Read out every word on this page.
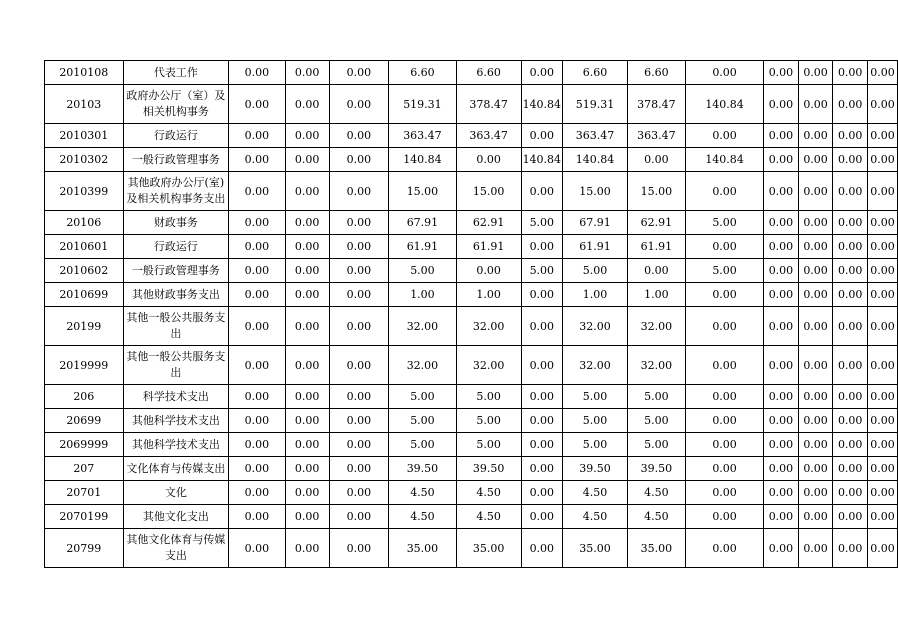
2010108	代表工作	0.00	0.00	0.00	6.60	6.60	0.00	6.60	6.60	0.00	0.00	0.00	0.00	0.00
20103	政府办公厅（室）及相关机构事务	0.00	0.00	0.00	519.31	378.47	140.84	519.31	378.47	140.84	0.00	0.00	0.00	0.00
2010301	行政运行	0.00	0.00	0.00	363.47	363.47	0.00	363.47	363.47	0.00	0.00	0.00	0.00	0.00
2010302	一般行政管理事务	0.00	0.00	0.00	140.84	0.00	140.84	140.84	0.00	140.84	0.00	0.00	0.00	0.00
2010399	其他政府办公厅(室)及相关机构事务支出	0.00	0.00	0.00	15.00	15.00	0.00	15.00	15.00	0.00	0.00	0.00	0.00	0.00
20106	财政事务	0.00	0.00	0.00	67.91	62.91	5.00	67.91	62.91	5.00	0.00	0.00	0.00	0.00
2010601	行政运行	0.00	0.00	0.00	61.91	61.91	0.00	61.91	61.91	0.00	0.00	0.00	0.00	0.00
2010602	一般行政管理事务	0.00	0.00	0.00	5.00	0.00	5.00	5.00	0.00	5.00	0.00	0.00	0.00	0.00
2010699	其他财政事务支出	0.00	0.00	0.00	1.00	1.00	0.00	1.00	1.00	0.00	0.00	0.00	0.00	0.00
20199	其他一般公共服务支出	0.00	0.00	0.00	32.00	32.00	0.00	32.00	32.00	0.00	0.00	0.00	0.00	0.00
2019999	其他一般公共服务支出	0.00	0.00	0.00	32.00	32.00	0.00	32.00	32.00	0.00	0.00	0.00	0.00	0.00
206	科学技术支出	0.00	0.00	0.00	5.00	5.00	0.00	5.00	5.00	0.00	0.00	0.00	0.00	0.00
20699	其他科学技术支出	0.00	0.00	0.00	5.00	5.00	0.00	5.00	5.00	0.00	0.00	0.00	0.00	0.00
2069999	其他科学技术支出	0.00	0.00	0.00	5.00	5.00	0.00	5.00	5.00	0.00	0.00	0.00	0.00	0.00
207	文化体育与传媒支出	0.00	0.00	0.00	39.50	39.50	0.00	39.50	39.50	0.00	0.00	0.00	0.00	0.00
20701	文化	0.00	0.00	0.00	4.50	4.50	0.00	4.50	4.50	0.00	0.00	0.00	0.00	0.00
2070199	其他文化支出	0.00	0.00	0.00	4.50	4.50	0.00	4.50	4.50	0.00	0.00	0.00	0.00	0.00
20799	其他文化体育与传媒支出	0.00	0.00	0.00	35.00	35.00	0.00	35.00	35.00	0.00	0.00	0.00	0.00	0.00
